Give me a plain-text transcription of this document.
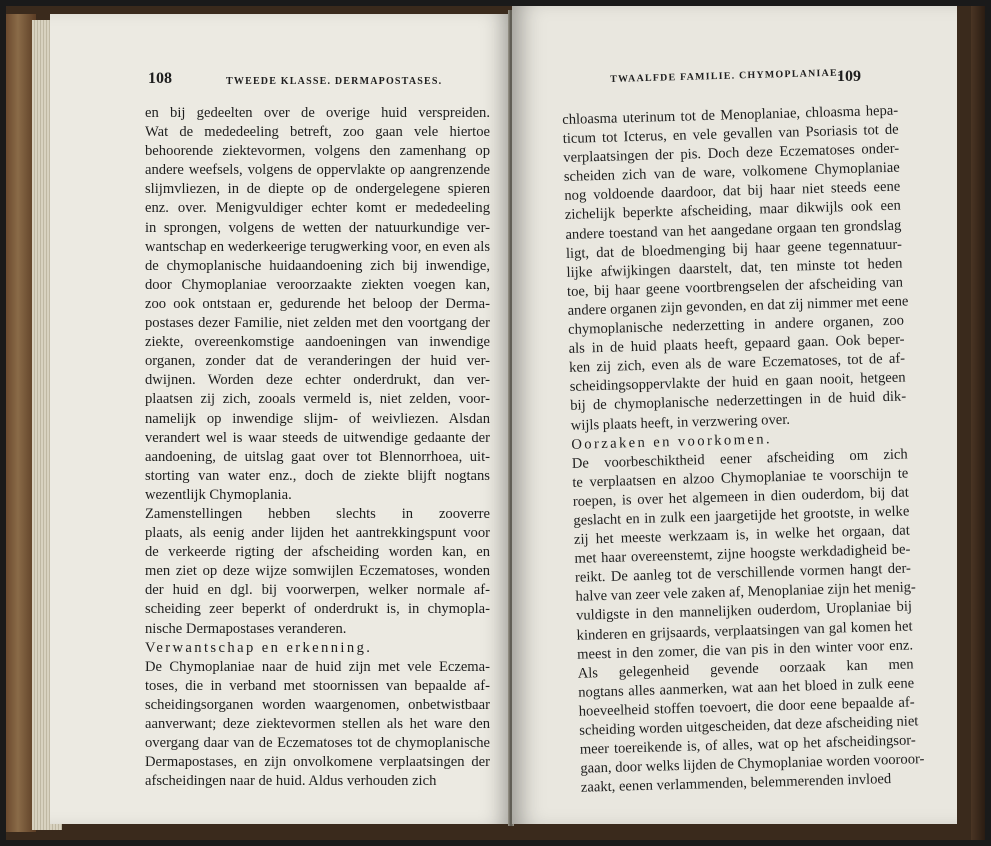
108	TWEEDE KLASSE. DERMAPOSTASES.
en bij gedeelten over de overige huid verspreiden.
Wat de mededeeling betreft, zoo gaan vele hiertoe
behoorende ziektevormen, volgens den zamenhang op
andere weefsels, volgens de oppervlakte op aangrenzende
slijmvliezen, in de diepte op de ondergelegene spieren
enz. over. Menigvuldiger echter komt er mededeeling
in sprongen, volgens de wetten der natuurkundige ver-
wantschap en wederkeerige terugwerking voor, en even als
de chymoplanische huidaandoening zich bij inwendige,
door Chymoplaniae veroorzaakte ziekten voegen kan,
zoo ook ontstaan er, gedurende het beloop der Derma-
postases dezer Familie, niet zelden met den voortgang der
ziekte, overeenkomstige aandoeningen van inwendige
organen, zonder dat de veranderingen der huid ver-
dwijnen. Worden deze echter onderdrukt, dan ver-
plaatsen zij zich, zooals vermeld is, niet zelden, voor-
namelijk op inwendige slijm- of weivliezen. Alsdan
verandert wel is waar steeds de uitwendige gedaante der
aandoening, de uitslag gaat over tot Blennorrhoea, uit-
storting van water enz., doch de ziekte blijft nogtans
wezentlijk Chymoplania.
Zamenstellingen hebben slechts in zooverre
plaats, als eenig ander lijden het aantrekkingspunt voor
de verkeerde rigting der afscheiding worden kan, en
men ziet op deze wijze somwijlen Eczematoses, wonden
der huid en dgl. bij voorwerpen, welker normale af-
scheiding zeer beperkt of onderdrukt is, in chymopla-
nische Dermapostases veranderen.
Verwantschap en erkenning.
De Chymoplaniae naar de huid zijn met vele Eczema-
toses, die in verband met stoornissen van bepaalde af-
scheidingsorganen worden waargenomen, onbetwistbaar
aanverwant; deze ziektevormen stellen als het ware den
overgang daar van de Eczematoses tot de chymoplanische
Dermapostases, en zijn onvolkomene verplaatsingen der
afscheidingen naar de huid. Aldus verhouden zich
TWAALFDE FAMILIE. CHYMOPLANIAE.
109
chloasma uterinum tot de Menoplaniae, chloasma hepa-
ticum tot Icterus, en vele gevallen van Psoriasis tot de
verplaatsingen der pis. Doch deze Eczematoses onder-
scheiden zich van de ware, volkomene Chymoplaniae
nog voldoende daardoor, dat bij haar niet steeds eene
zichelijk beperkte afscheiding, maar dikwijls ook een
andere toestand van het aangedane orgaan ten grondslag
ligt, dat de bloedmenging bij haar geene tegennatuur-
lijke afwijkingen daarstelt, dat, ten minste tot heden
toe, bij haar geene voortbrengselen der afscheiding van
andere organen zijn gevonden, en dat zij nimmer met eene
chymoplanische nederzetting in andere organen, zoo
als in de huid plaats heeft, gepaard gaan. Ook beper-
ken zij zich, even als de ware Eczematoses, tot de af-
scheidingsoppervlakte der huid en gaan nooit, hetgeen
bij de chymoplanische nederzettingen in de huid dik-
wijls plaats heeft, in verzwering over.
Oorzaken en voorkomen.
De voorbeschiktheid eener afscheiding om zich
te verplaatsen en alzoo Chymoplaniae te voorschijn te
roepen, is over het algemeen in dien ouderdom, bij dat
geslacht en in zulk een jaargetijde het grootste, in welke
zij het meeste werkzaam is, in welke het orgaan, dat
met haar overeenstemt, zijne hoogste werkdadigheid be-
reikt. De aanleg tot de verschillende vormen hangt der-
halve van zeer vele zaken af, Menoplaniae zijn het menig-
vuldigste in den mannelijken ouderdom, Uroplaniae bij
kinderen en grijsaards, verplaatsingen van gal komen het
meest in den zomer, die van pis in den winter voor enz.
Als gelegenheid gevende oorzaak kan men
nogtans alles aanmerken, wat aan het bloed in zulk eene
hoeveelheid stoffen toevoert, die door eene bepaalde af-
scheiding worden uitgescheiden, dat deze afscheiding niet
meer toereikende is, of alles, wat op het afscheidingsor-
gaan, door welks lijden de Chymoplaniae worden vooroor-
zaakt, eenen verlammenden, belemmerenden invloed
